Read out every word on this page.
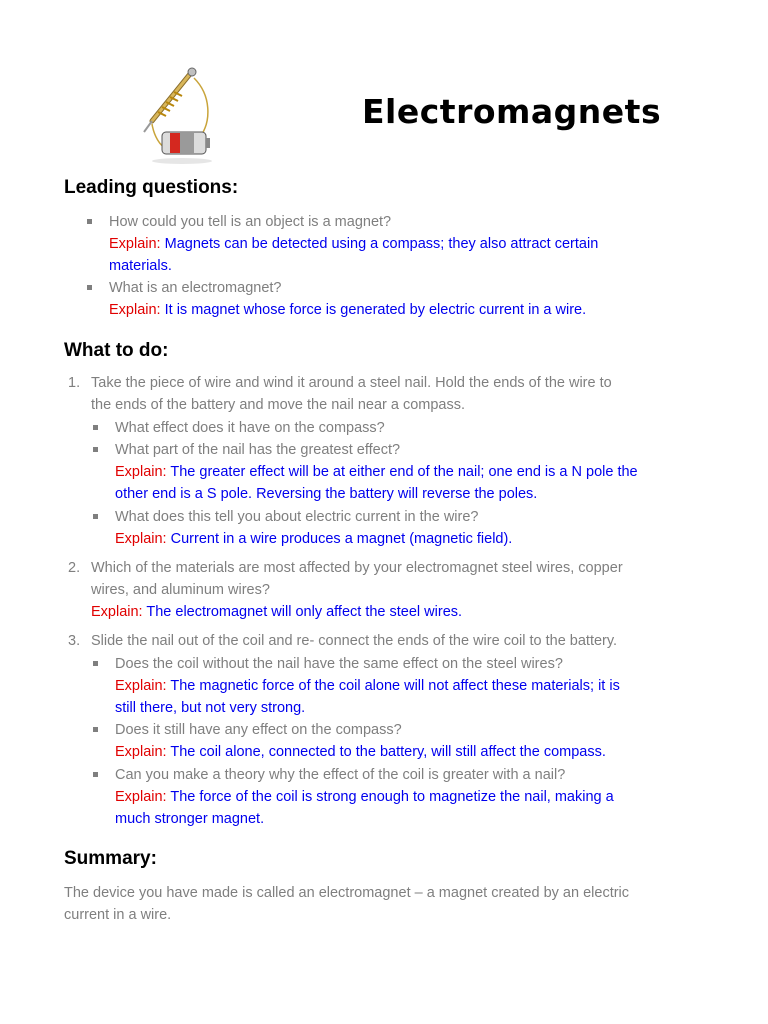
Electromagnets
Leading questions:
How could you tell is an object is a magnet?
Explain: Magnets can be detected using a compass; they also attract certain
materials.
What is an electromagnet?
Explain: It is magnet whose force is generated by electric current in a wire.
What to do:
1. Take the piece of wire and wind it around a steel nail. Hold the ends of the wire to
the ends of the battery and move the nail near a compass.
What effect does it have on the compass?
What part of the nail has the greatest effect?
Explain: The greater effect will be at either end of the nail; one end is a N pole the
other end is a S pole. Reversing the battery will reverse the poles.
What does this tell you about electric current in the wire?
Explain: Current in a wire produces a magnet (magnetic field).
2. Which of the materials are most affected by your electromagnet steel wires, copper
wires, and aluminum wires?
Explain: The electromagnet will only affect the steel wires.
3. Slide the nail out of the coil and re- connect the ends of the wire coil to the battery.
Does the coil without the nail have the same effect on the steel wires?
Explain: The magnetic force of the coil alone will not affect these materials; it is
still there, but not very strong.
Does it still have any effect on the compass?
Explain: The coil alone, connected to the battery, will still affect the compass.
Can you make a theory why the effect of the coil is greater with a nail?
Explain: The force of the coil is strong enough to magnetize the nail, making a
much stronger magnet.
Summary:
The device you have made is called an electromagnet – a magnet created by an electric
current in a wire.
